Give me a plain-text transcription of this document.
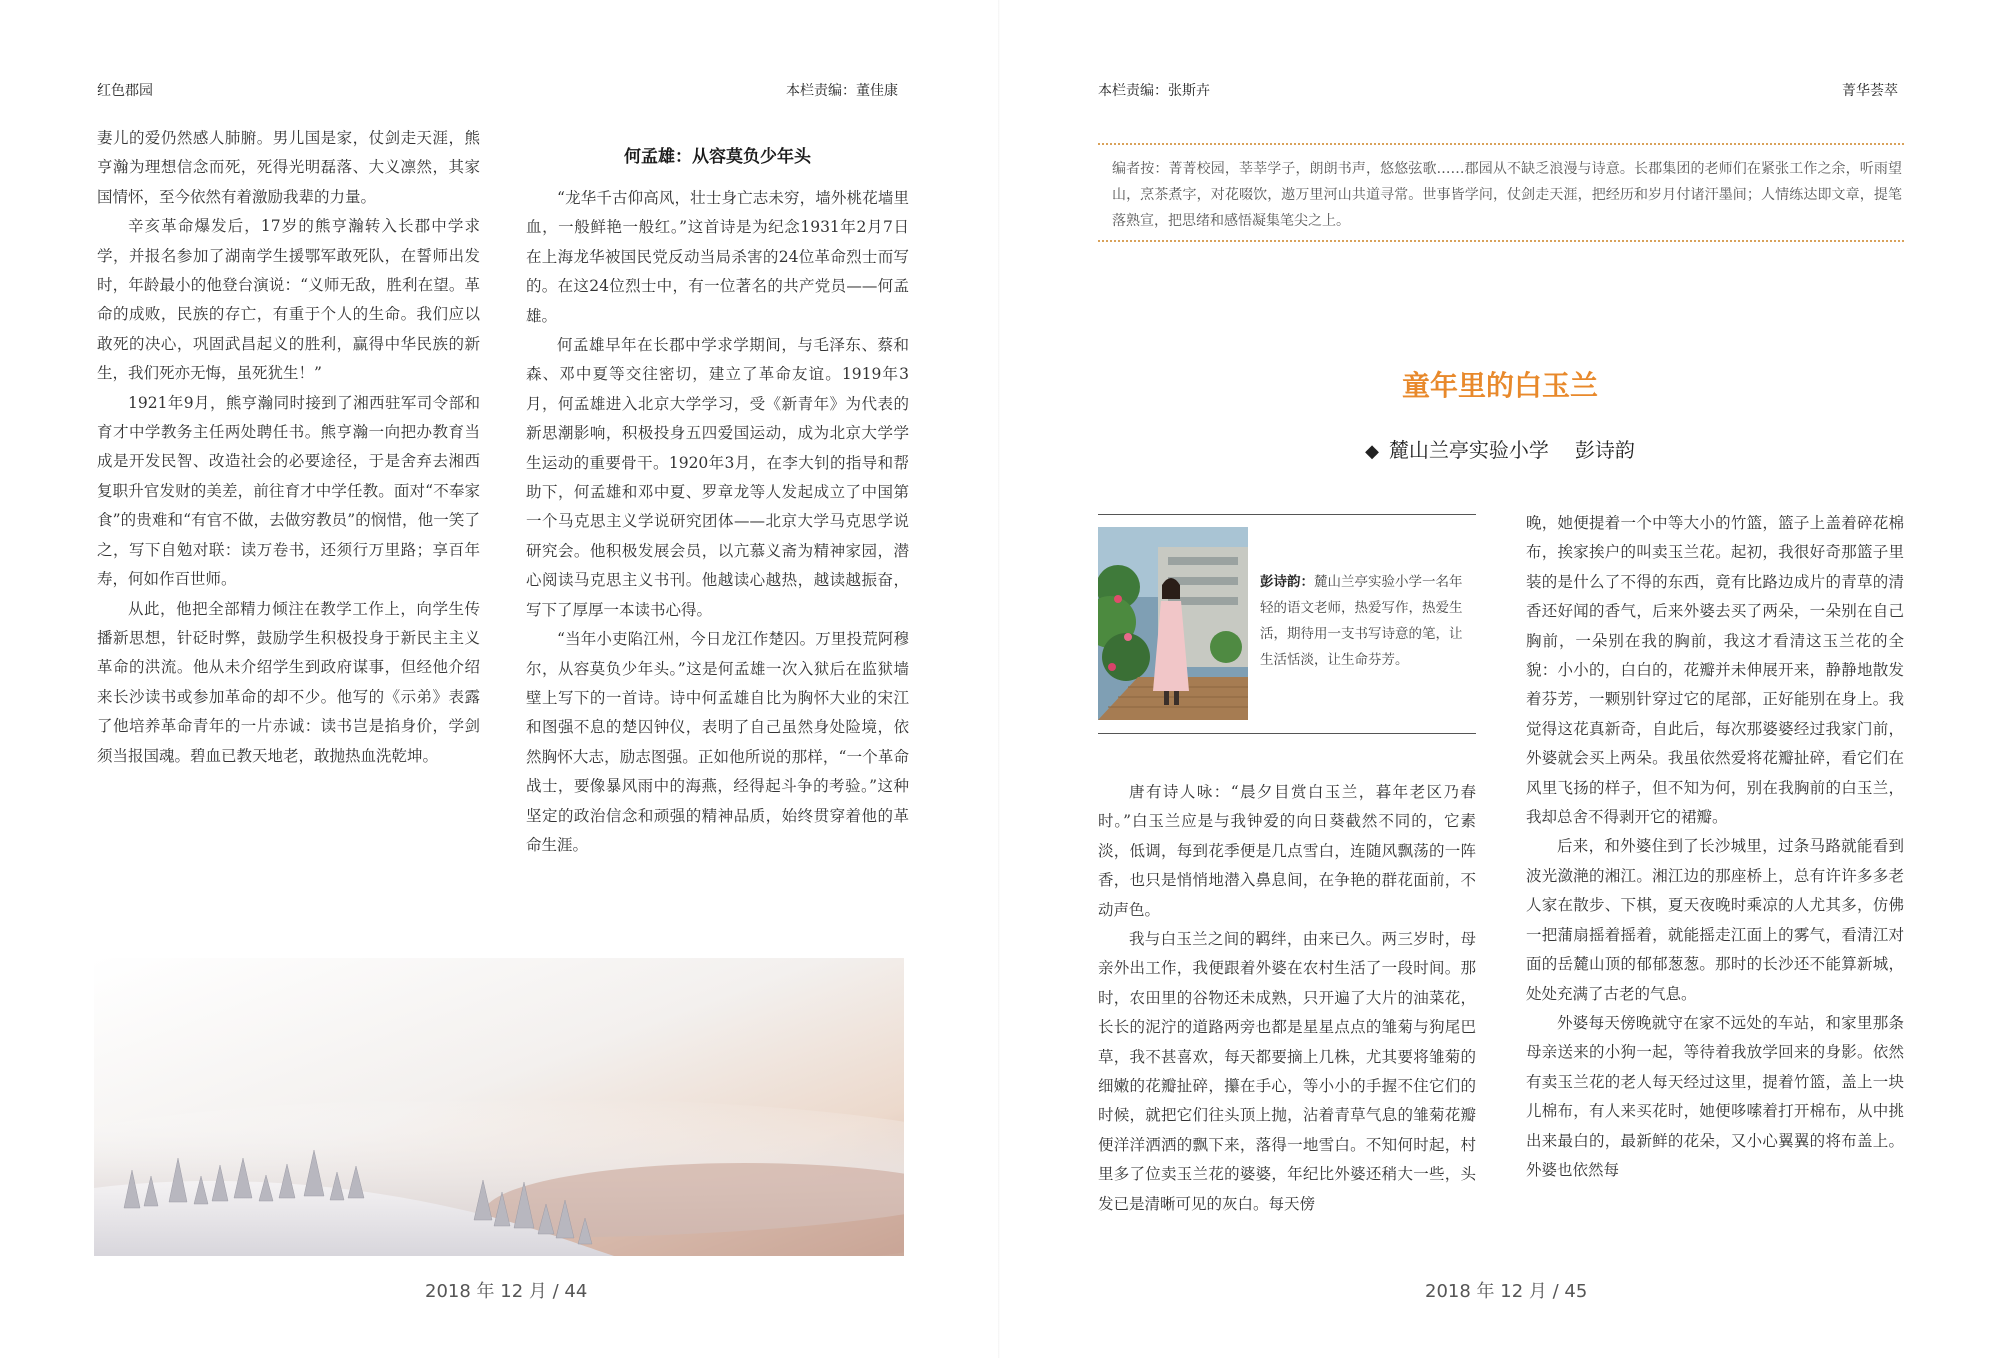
红色郡园	本栏责编：董佳康

妻儿的爱仍然感人肺腑。男儿国是家，仗剑走天涯，熊亨瀚为理想信念而死，死得光明磊落、大义凛然，其家国情怀，至今依然有着激励我辈的力量。

辛亥革命爆发后，17岁的熊亨瀚转入长郡中学求学，并报名参加了湖南学生援鄂军敢死队，在誓师出发时，年龄最小的他登台演说：“义师无敌，胜利在望。革命的成败，民族的存亡，有重于个人的生命。我们应以敢死的决心，巩固武昌起义的胜利，赢得中华民族的新生，我们死亦无悔，虽死犹生！”

1921年9月，熊亨瀚同时接到了湘西驻军司令部和育才中学教务主任两处聘任书。熊亨瀚一向把办教育当成是开发民智、改造社会的必要途径，于是舍弃去湘西复职升官发财的美差，前往育才中学任教。面对“不奉家食”的贵难和“有官不做，去做穷教员”的悯惜，他一笑了之，写下自勉对联：读万卷书，还须行万里路；享百年寿，何如作百世师。

从此，他把全部精力倾注在教学工作上，向学生传播新思想，针砭时弊，鼓励学生积极投身于新民主主义革命的洪流。他从未介绍学生到政府谋事，但经他介绍来长沙读书或参加革命的却不少。他写的《示弟》表露了他培养革命青年的一片赤诚：读书岂是掐身价，学剑须当报国魂。碧血已教天地老，敢抛热血洗乾坤。

何孟雄：从容莫负少年头

“龙华千古仰高风，壮士身亡志未穷，墙外桃花墙里血，一般鲜艳一般红。”这首诗是为纪念1931年2月7日在上海龙华被国民党反动当局杀害的24位革命烈士而写的。在这24位烈士中，有一位著名的共产党员——何孟雄。

何孟雄早年在长郡中学求学期间，与毛泽东、蔡和森、邓中夏等交往密切，建立了革命友谊。1919年3月，何孟雄进入北京大学学习，受《新青年》为代表的新思潮影响，积极投身五四爱国运动，成为北京大学学生运动的重要骨干。1920年3月，在李大钊的指导和帮助下，何孟雄和邓中夏、罗章龙等人发起成立了中国第一个马克思主义学说研究团体——北京大学马克思学说研究会。他积极发展会员，以亢慕义斋为精神家园，潜心阅读马克思主义书刊。他越读心越热，越读越振奋，写下了厚厚一本读书心得。

“当年小吏陷江州，今日龙江作楚囚。万里投荒阿穆尔，从容莫负少年头。”这是何孟雄一次入狱后在监狱墙壁上写下的一首诗。诗中何孟雄自比为胸怀大业的宋江和图强不息的楚囚钟仪，表明了自己虽然身处险境，依然胸怀大志，励志图强。正如他所说的那样，“一个革命战士，要像暴风雨中的海燕，经得起斗争的考验。”这种坚定的政治信念和顽强的精神品质，始终贯穿着他的革命生涯。

2018 年 12 月 / 44
本栏责编：张斯卉	菁华荟萃
编者按：菁菁校园，莘莘学子，朗朗书声，悠悠弦歌……郡园从不缺乏浪漫与诗意。长郡集团的老师们在紧张工作之余，听雨望山，烹茶煮字，对花啜饮，遨万里河山共道寻常。世事皆学问，仗剑走天涯，把经历和岁月付诸汗墨间；人情练达即文章，提笔落熟宣，把思绪和感悟凝集笔尖之上。
童年里的白玉兰
◆ 麓山兰亭实验小学 彭诗韵
彭诗韵：麓山兰亭实验小学一名年轻的语文老师，热爱写作，热爱生活，期待用一支书写诗意的笔，让生活恬淡，让生命芬芳。

唐有诗人咏：“晨夕目赏白玉兰，暮年老区乃春时。”白玉兰应是与我钟爱的向日葵截然不同的，它素淡，低调，每到花季便是几点雪白，连随风飘荡的一阵香，也只是悄悄地潜入鼻息间，在争艳的群花面前，不动声色。

我与白玉兰之间的羁绊，由来已久。两三岁时，母亲外出工作，我便跟着外婆在农村生活了一段时间。那时，农田里的谷物还未成熟，只开遍了大片的油菜花，长长的泥泞的道路两旁也都是星星点点的雏菊与狗尾巴草，我不甚喜欢，每天都要摘上几株，尤其要将雏菊的细嫩的花瓣扯碎，攥在手心，等小小的手握不住它们的时候，就把它们往头顶上抛，沾着青草气息的雏菊花瓣便洋洋洒洒的飘下来，落得一地雪白。不知何时起，村里多了位卖玉兰花的婆婆，年纪比外婆还稍大一些，头发已是清晰可见的灰白。每天傍

晚，她便提着一个中等大小的竹篮，篮子上盖着碎花棉布，挨家挨户的叫卖玉兰花。起初，我很好奇那篮子里装的是什么了不得的东西，竟有比路边成片的青草的清香还好闻的香气，后来外婆去买了两朵，一朵别在自己胸前，一朵别在我的胸前，我这才看清这玉兰花的全貌：小小的，白白的，花瓣并未伸展开来，静静地散发着芬芳，一颗别针穿过它的尾部，正好能别在身上。我觉得这花真新奇，自此后，每次那婆婆经过我家门前，外婆就会买上两朵。我虽依然爱将花瓣扯碎，看它们在风里飞扬的样子，但不知为何，别在我胸前的白玉兰，我却总舍不得剥开它的裙瓣。

后来，和外婆住到了长沙城里，过条马路就能看到波光潋滟的湘江。湘江边的那座桥上，总有许许多多老人家在散步、下棋，夏天夜晚时乘凉的人尤其多，仿佛一把蒲扇摇着摇着，就能摇走江面上的雾气，看清江对面的岳麓山顶的郁郁葱葱。那时的长沙还不能算新城，处处充满了古老的气息。

外婆每天傍晚就守在家不远处的车站，和家里那条母亲送来的小狗一起，等待着我放学回来的身影。依然有卖玉兰花的老人每天经过这里，提着竹篮，盖上一块儿棉布，有人来买花时，她便哆嗦着打开棉布，从中挑出来最白的，最新鲜的花朵，又小心翼翼的将布盖上。外婆也依然每

2018 年 12 月 / 45
